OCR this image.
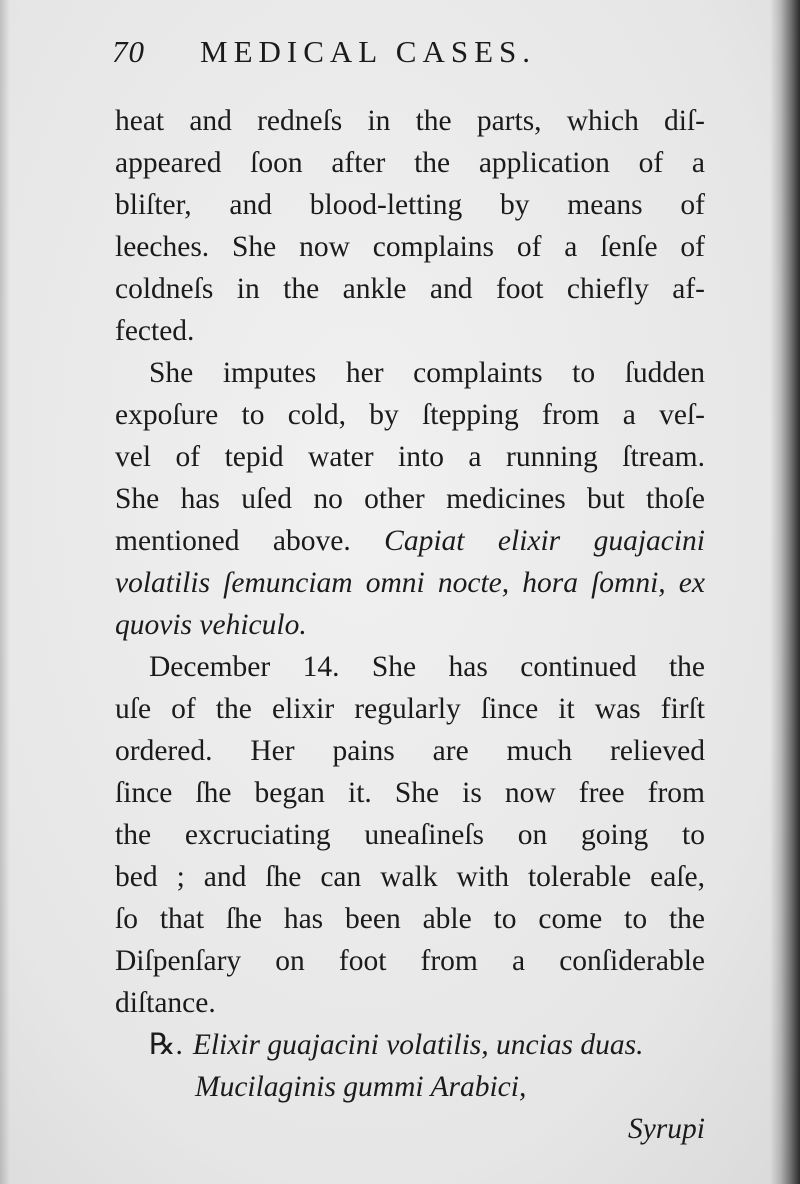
70 MEDICAL CASES.
heat and redneſs in the parts, which diſ-
appeared ſoon after the application of a
bliſter, and blood-letting by means of
leeches. She now complains of a ſenſe of
coldneſs in the ankle and foot chiefly af-
fected.
She imputes her complaints to ſudden
expoſure to cold, by ſtepping from a veſ-
vel of tepid water into a running ſtream.
She has uſed no other medicines but thoſe
mentioned above. Capiat elixir guajacini
volatilis ſemunciam omni nocte, hora ſomni, ex
quovis vehiculo.
December 14. She has continued the
uſe of the elixir regularly ſince it was firſt
ordered. Her pains are much relieved
ſince ſhe began it. She is now free from
the excruciating uneaſineſs on going to
bed ; and ſhe can walk with tolerable eaſe,
ſo that ſhe has been able to come to the
Diſpenſary on foot from a conſiderable
diſtance.
℞. Elixir guajacini volatilis, uncias duas.
Mucilaginis gummi Arabici,
Syrupi
